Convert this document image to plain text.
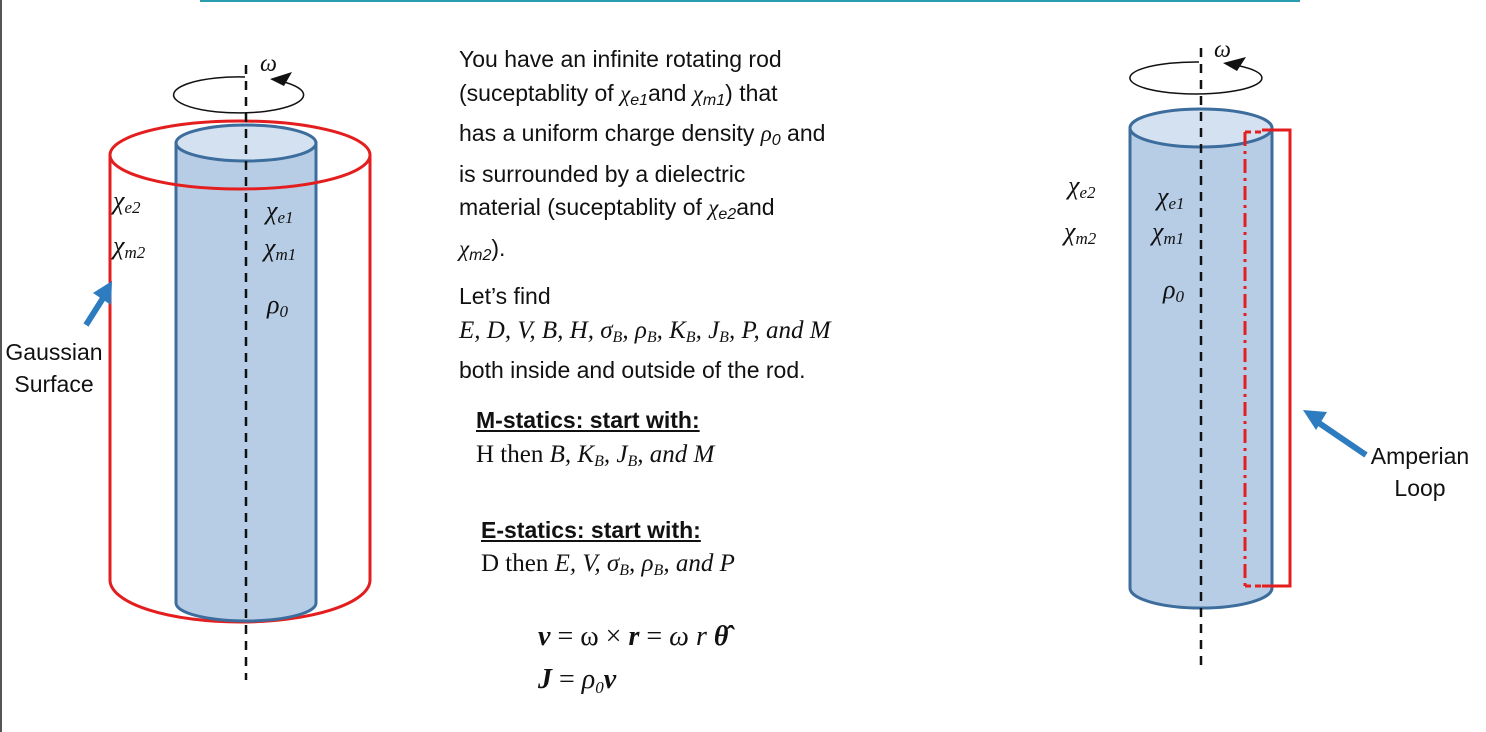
ω
$\chi_{e2}$
$\chi_{m2}$
$\chi_{e1}$
$\chi_{m1}$
$\rho_0$
Gaussian
Surface
ω
$\chi_{e2}$
$\chi_{m2}$
$\chi_{e1}$
$\chi_{m1}$
$\rho_0$
Amperian
Loop
You have an infinite rotating rod
(suceptablity of $\chi_{e1}and$ $\chi_{m1}$) that
has a uniform charge density $\rho_0$ and
is surrounded by a dielectric
material (suceptablity of $\chi_{e2}and$
$\chi_{m2}$).
Let’s find
E, D, V, B, H, $\sigma_B$, $\rho_B$, $K_B$, $J_B$, P, and M
both inside and outside of the rod.
M-statics: start with:
H then B, $K_B$, $J_B$, and M
E-statics: start with:
D then E, V, $\sigma_B$, $\rho_B$, and P
v = ω × r = ω r θ̂
$J = \rho_0v$
